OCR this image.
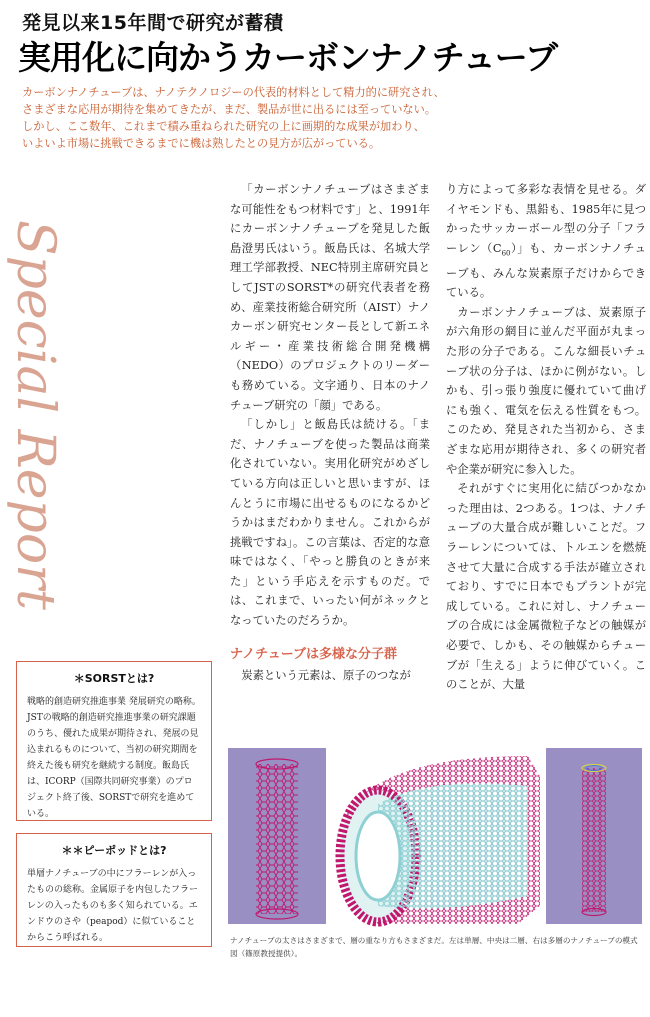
発見以来15年間で研究が蓄積
実用化に向かうカーボンナノチューブ
カーボンナノチューブは、ナノテクノロジーの代表的材料として精力的に研究され、
さまざまな応用が期待を集めてきたが、まだ、製品が世に出るには至っていない。
しかし、ここ数年、これまで積み重ねられた研究の上に画期的な成果が加わり、
いよいよ市場に挑戦できるまでに機は熟したとの見方が広がっている。
Special Report

「カーボンナノチューブはさまざまな可能性をもつ材料です」と、1991年にカーボンナノチューブを発見した飯島澄男氏はいう。飯島氏は、名城大学理工学部教授、NEC特別主席研究員としてJSTのSORST*の研究代表者を務め、産業技術総合研究所（AIST）ナノカーボン研究センター長として新エネルギー・産業技術総合開発機構（NEDO）のプロジェクトのリーダーも務めている。文字通り、日本のナノチューブ研究の「顔」である。

「しかし」と飯島氏は続ける。「まだ、ナノチューブを使った製品は商業化されていない。実用化研究がめざしている方向は正しいと思いますが、ほんとうに市場に出せるものになるかどうかはまだわかりません。これからが挑戦ですね」。この言葉は、否定的な意味ではなく、「やっと勝負のときが来た」という手応えを示すものだ。では、これまで、いったい何がネックとなっていたのだろうか。

ナノチューブは多様な分子群

炭素という元素は、原子のつなが

り方によって多彩な表情を見せる。ダイヤモンドも、黒鉛も、1985年に見つかったサッカーボール型の分子「フラーレン$(C_{60})$」も、カーボンナノチューブも、みんな炭素原子だけからできている。

カーボンナノチューブは、炭素原子が六角形の網目に並んだ平面が丸まった形の分子である。こんな細長いチューブ状の分子は、ほかに例がない。しかも、引っ張り強度に優れていて曲げにも強く、電気を伝える性質をもつ。このため、発見された当初から、さまざまな応用が期待され、多くの研究者や企業が研究に参入した。

それがすぐに実用化に結びつかなかった理由は、2つある。1つは、ナノチューブの大量合成が難しいことだ。フラーレンについては、トルエンを燃焼させて大量に合成する手法が確立されており、すでに日本でもプラントが完成している。これに対し、ナノチューブの合成には金属微粒子などの触媒が必要で、しかも、その触媒からチューブが「生える」ように伸びていく。このことが、大量

＊SORSTとは?
戦略的創造研究推進事業 発展研究の略称。JSTの戦略的創造研究推進事業の研究課題のうち、優れた成果が期待され、発展の見込まれるものについて、当初の研究期間を終えた後も研究を継続する制度。飯島氏は、ICORP（国際共同研究事業）のプロジェクト終了後、SORSTで研究を進めている。
＊＊ピーポッドとは?
単層ナノチューブの中にフラーレンが入ったものの総称。金属原子を内包したフラーレンの入ったものも多く知られている。エンドウのさや（peapod）に似ていることからこう呼ばれる。	ナノチューブの太さはさまざまで、層の重なり方もさまざまだ。左は単層、中央は二層、右は多層のナノチューブの模式図（篠原教授提供）。
